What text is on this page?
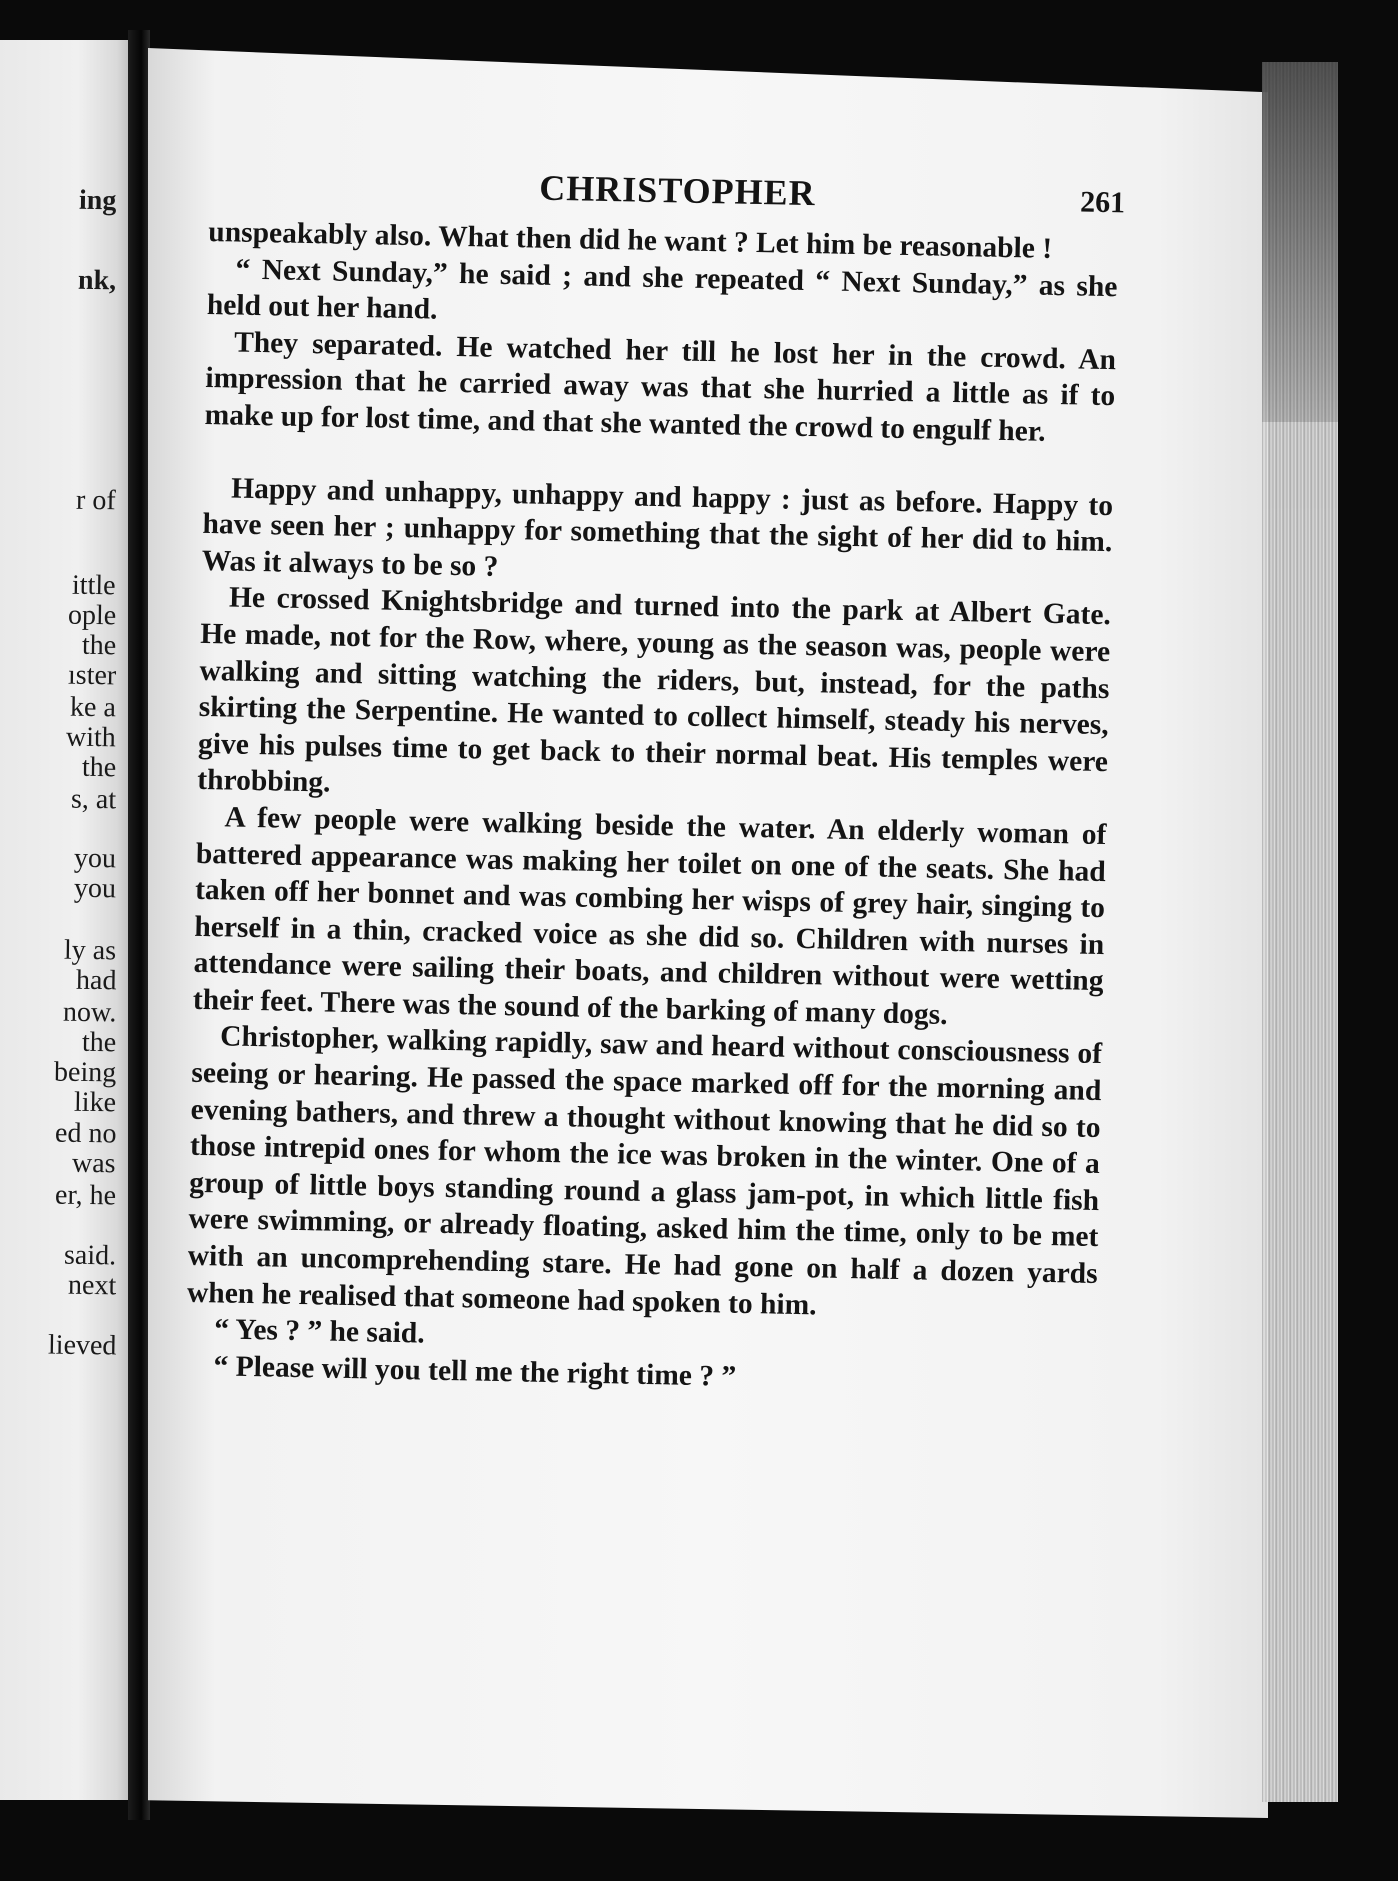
ing
nk,
r of
ittle
ople
the
ıster
ke a
with
the
s, at
you
you
ly as
had
now.
the
being
like
ed no
was
er, he
said.
next
lieved
CHRISTOPHER	261

unspeakably also. What then did he want ? Let him be reasonable !

“ Next Sunday,” he said ; and she repeated “ Next Sunday,” as she held out her hand.

They separated. He watched her till he lost her in the crowd. An impression that he carried away was that she hurried a little as if to make up for lost time, and that she wanted the crowd to engulf her.

Happy and unhappy, unhappy and happy : just as before. Happy to have seen her ; unhappy for something that the sight of her did to him. Was it always to be so ?

He crossed Knightsbridge and turned into the park at Albert Gate. He made, not for the Row, where, young as the season was, people were walking and sitting watching the riders, but, instead, for the paths skirting the Serpentine. He wanted to collect himself, steady his nerves, give his pulses time to get back to their normal beat. His temples were throbbing.

A few people were walking beside the water. An elderly woman of battered appearance was making her toilet on one of the seats. She had taken off her bonnet and was combing her wisps of grey hair, singing to herself in a thin, cracked voice as she did so. Children with nurses in attendance were sailing their boats, and children without were wetting their feet. There was the sound of the barking of many dogs.

Christopher, walking rapidly, saw and heard without consciousness of seeing or hearing. He passed the space marked off for the morning and evening bathers, and threw a thought without knowing that he did so to those intrepid ones for whom the ice was broken in the winter. One of a group of little boys standing round a glass jam-pot, in which little fish were swimming, or already floating, asked him the time, only to be met with an uncomprehending stare. He had gone on half a dozen yards when he realised that someone had spoken to him.

“ Yes ? ” he said.

“ Please will you tell me the right time ? ”
